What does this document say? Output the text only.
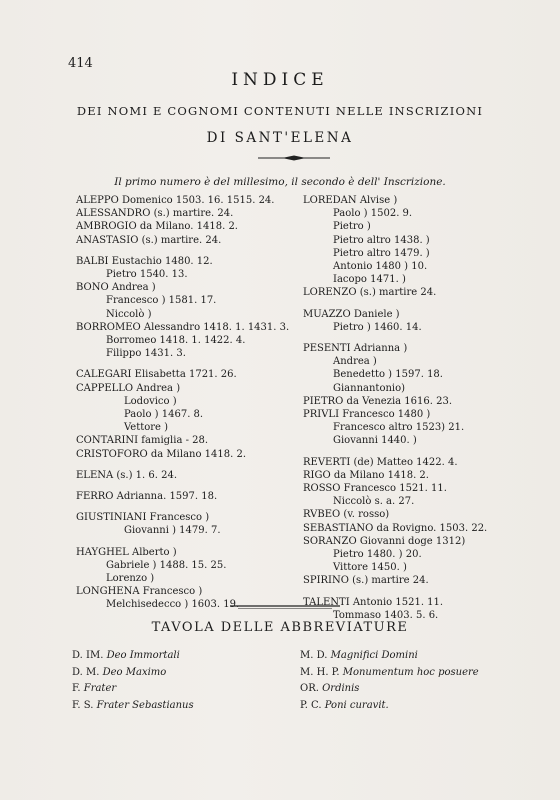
414
INDICE
DEI NOMI E COGNOMI CONTENUTI NELLE INSCRIZIONI
DI SANT'ELENA
Il primo numero è del millesimo, il secondo è dell' Inscrizione.
ALEPPO Domenico 1503. 16. 1515. 24.
ALESSANDRO (s.) martire. 24.
AMBROGIO da Milano. 1418. 2.
ANASTASIO (s.) martire. 24.
BALBI Eustachio 1480. 12.
Pietro 1540. 13.
BONO Andrea )
Francesco ) 1581. 17.
Niccolò )
BORROMEO Alessandro 1418. 1. 1431. 3.
Borromeo 1418. 1. 1422. 4.
Filippo 1431. 3.
CALEGARI Elisabetta 1721. 26.
CAPPELLO Andrea )
Lodovico )
Paolo ) 1467. 8.
Vettore )
CONTARINI famiglia - 28.
CRISTOFORO da Milano 1418. 2.
ELENA (s.) 1. 6. 24.
FERRO Adrianna. 1597. 18.
GIUSTINIANI Francesco )
Giovanni ) 1479. 7.
HAYGHEL Alberto )
Gabriele ) 1488. 15. 25.
Lorenzo )
LONGHENA Francesco )
Melchisedecco ) 1603. 19.
LOREDAN Alvise )
Paolo ) 1502. 9.
Pietro )
Pietro altro 1438. )
Pietro altro 1479. )
Antonio 1480 ) 10.
Iacopo 1471. )
LORENZO (s.) martire 24.
MUAZZO Daniele )
Pietro ) 1460. 14.
PESENTI Adrianna )
Andrea )
Benedetto ) 1597. 18.
Giannantonio)
PIETRO da Venezia 1616. 23.
PRIVLI Francesco 1480 )
Francesco altro 1523) 21.
Giovanni 1440. )
REVERTI (de) Matteo 1422. 4.
RIGO da Milano 1418. 2.
ROSSO Francesco 1521. 11.
Niccolò s. a. 27.
RVBEO (v. rosso)
SEBASTIANO da Rovigno. 1503. 22.
SORANZO Giovanni doge 1312)
Pietro 1480. ) 20.
Vittore 1450. )
SPIRINO (s.) martire 24.
TALENTI Antonio 1521. 11.
Tommaso 1403. 5. 6.
TAVOLA DELLE ABBREVIATURE
D. IM. Deo Immortali
D. M. Deo Maximo
F. Frater
F. S. Frater Sebastianus
M. D. Magnifici Domini
M. H. P. Monumentum hoc posuere
OR. Ordinis
P. C. Poni curavit.
